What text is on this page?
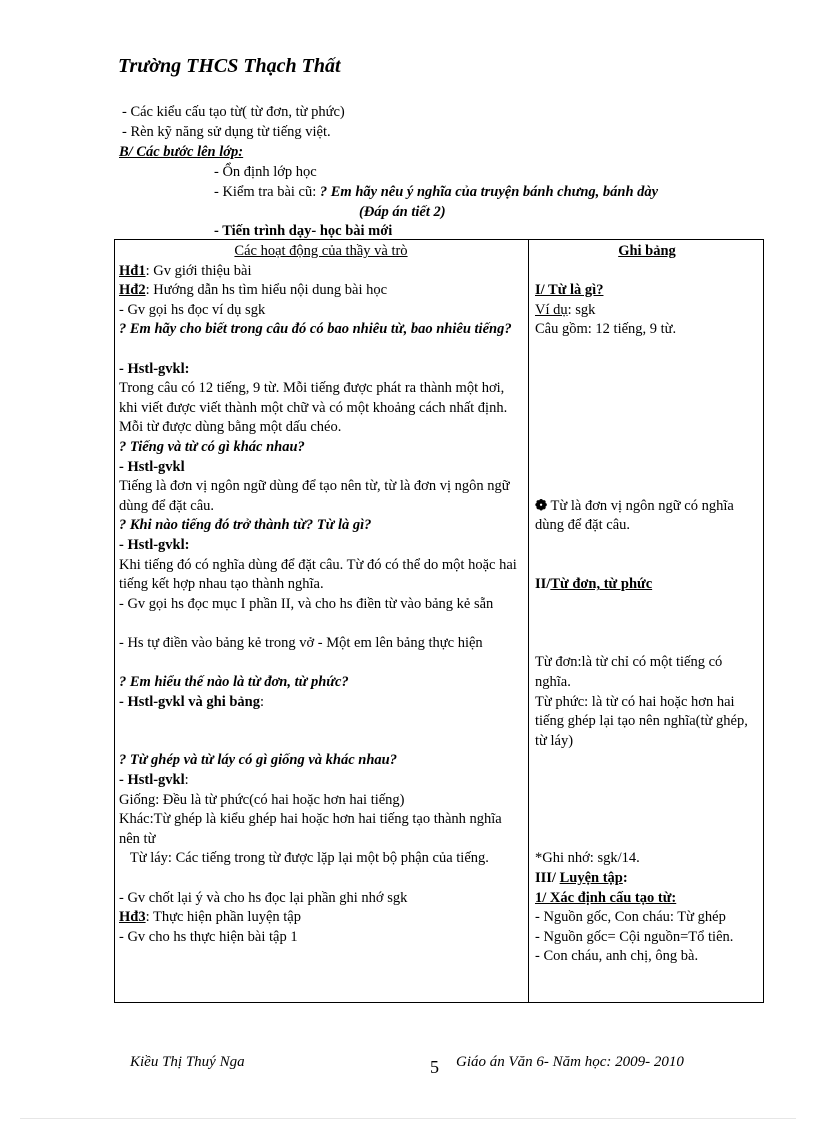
Trường THCS Thạch Thất
- Các kiểu cấu tạo từ( từ đơn, từ phức)
- Rèn kỹ năng sử dụng từ tiếng việt.
B/ Các bước lên lớp:
- Ổn định lớp học
- Kiểm tra bài cũ: ? Em hãy nêu ý nghĩa của truyện bánh chưng, bánh dày
(Đáp án tiết 2)
- Tiến trình dạy- học bài mới
Các hoạt động của thầy và trò
Hđ1: Gv giới thiệu bài
Hđ2: Hướng dẫn hs tìm hiểu nội dung bài học
- Gv gọi hs đọc ví dụ sgk
? Em hãy cho biết trong câu đó có bao nhiêu từ, bao nhiêu tiếng?
- Hstl-gvkl:
Trong câu có 12 tiếng, 9 từ. Mỗi tiếng được phát ra thành một hơi, khi viết được viết thành một chữ và có một khoảng cách nhất định. Mỗi từ được dùng bằng một dấu chéo.
? Tiếng và từ có gì khác nhau?
- Hstl-gvkl
Tiếng là đơn vị ngôn ngữ dùng để tạo nên từ, từ là đơn vị ngôn ngữ dùng để đặt câu.
? Khi nào tiếng đó trở thành từ? Từ là gì?
- Hstl-gvkl:
Khi tiếng đó có nghĩa dùng để đặt câu. Từ đó có thể do một hoặc hai tiếng kết hợp nhau tạo thành nghĩa.
- Gv gọi hs đọc mục I phần II, và cho hs điền từ vào bảng kẻ sẵn
- Hs tự điền vào bảng kẻ trong vở - Một em lên bảng thực hiện
? Em hiểu thế nào là từ đơn, từ phức?
- Hstl-gvkl và ghi bảng:
? Từ ghép và từ láy có gì giống và khác nhau?
- Hstl-gvkl:
Giống: Đều là từ phức(có hai hoặc hơn hai tiếng)
Khác:Từ ghép là kiểu ghép hai hoặc hơn hai tiếng tạo thành nghĩa nên từ
Từ láy: Các tiếng trong từ được lặp lại một bộ phận của tiếng.
- Gv chốt lại ý và cho hs đọc lại phần ghi nhớ sgk
Hđ3: Thực hiện phần luyện tập
- Gv cho hs thực hiện bài tập 1
Ghi bảng
I/ Từ là gì?
Ví dụ: sgk
Câu gồm: 12 tiếng, 9 từ.
❁ Từ là đơn vị ngôn ngữ có nghĩa dùng để đặt câu.
II/Từ đơn, từ phức
Từ đơn:là từ chỉ có một tiếng có nghĩa.
Từ phức: là từ có hai hoặc hơn hai tiếng ghép lại tạo nên nghĩa(từ ghép, từ láy)
*Ghi nhớ: sgk/14.
III/ Luyện tập:
1/ Xác định cấu tạo từ:
- Nguồn gốc, Con cháu: Từ ghép
- Nguồn gốc= Cội nguồn=Tổ tiên.
- Con cháu, anh chị, ông bà.
Kiều Thị Thuý Nga	5 Giáo án Văn 6- Năm học: 2009- 2010
